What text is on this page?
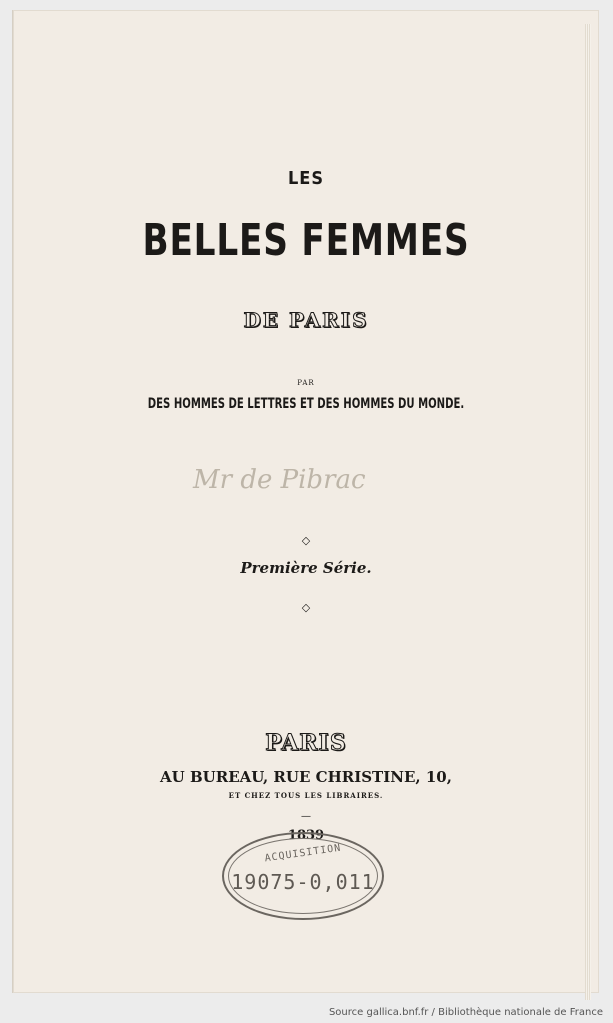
Mr de Pibrac
LES
BELLES FEMMES
DE PARIS
PAR
DES HOMMES DE LETTRES ET DES HOMMES DU MONDE.
◇
Première Série.
◇
PARIS
AU BUREAU, RUE CHRISTINE, 10,
ET CHEZ TOUS LES LIBRAIRES.
—
1839
ACQUISITION
19075-0,011
Source gallica.bnf.fr / Bibliothèque nationale de France
